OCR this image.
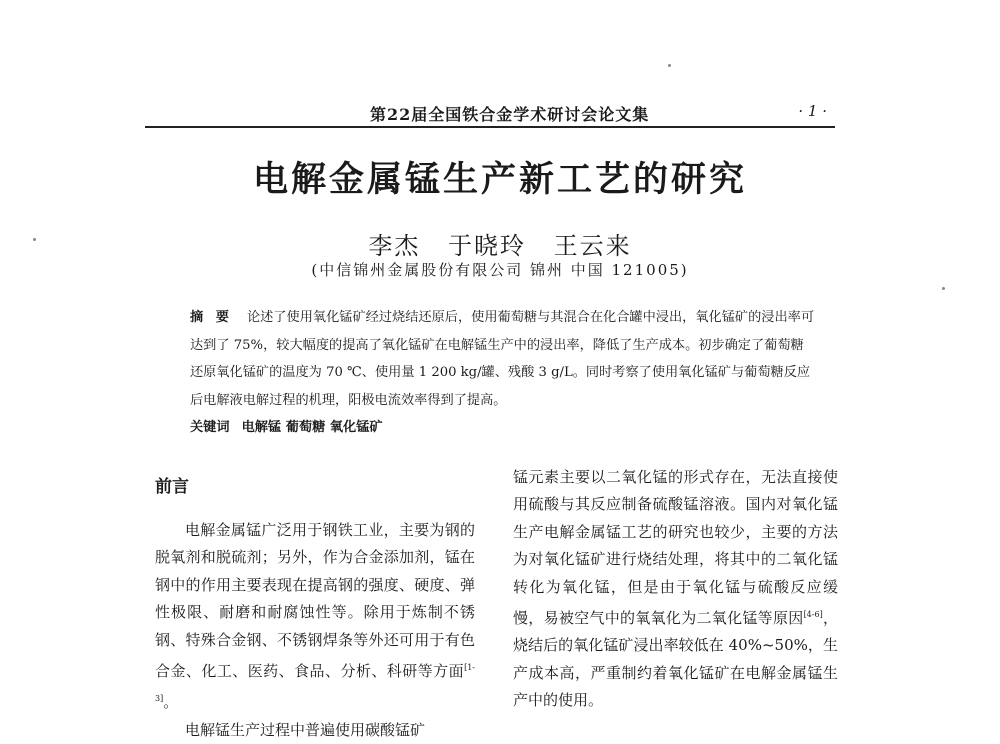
第22届全国铁合金学术研讨会论文集	· 1 ·
电解金属锰生产新工艺的研究
李杰 于晓玲 王云来
(中信锦州金属股份有限公司 锦州 中国 121005)
摘 要 论述了使用氧化锰矿经过烧结还原后，使用葡萄糖与其混合在化合罐中浸出，氧化锰矿的浸出率可达到了 75%，较大幅度的提高了氧化锰矿在电解锰生产中的浸出率，降低了生产成本。初步确定了葡萄糖还原氧化锰矿的温度为 70 ℃、使用量 1 200 kg/罐、残酸 3 g/L。同时考察了使用氧化锰矿与葡萄糖反应后电解液电解过程的机理，阳极电流效率得到了提高。
关键词 电解锰 葡萄糖 氧化锰矿
前言

电解金属锰广泛用于钢铁工业，主要为钢的脱氧剂和脱硫剂；另外，作为合金添加剂，锰在钢中的作用主要表现在提高钢的强度、硬度、弹性极限、耐磨和耐腐蚀性等。除用于炼制不锈钢、特殊合金钢、不锈钢焊条等外还可用于有色合金、化工、医药、食品、分析、科研等方面[1-3]。

电解锰生产过程中普遍使用碳酸锰矿

锰元素主要以二氧化锰的形式存在，无法直接使用硫酸与其反应制备硫酸锰溶液。国内对氧化锰生产电解金属锰工艺的研究也较少，主要的方法为对氧化锰矿进行烧结处理，将其中的二氧化锰转化为氧化锰，但是由于氧化锰与硫酸反应缓慢，易被空气中的氧氧化为二氧化锰等原因[4-6]，烧结后的氧化锰矿浸出率较低在 40%~50%，生产成本高，严重制约着氧化锰矿在电解金属锰生产中的使用。
